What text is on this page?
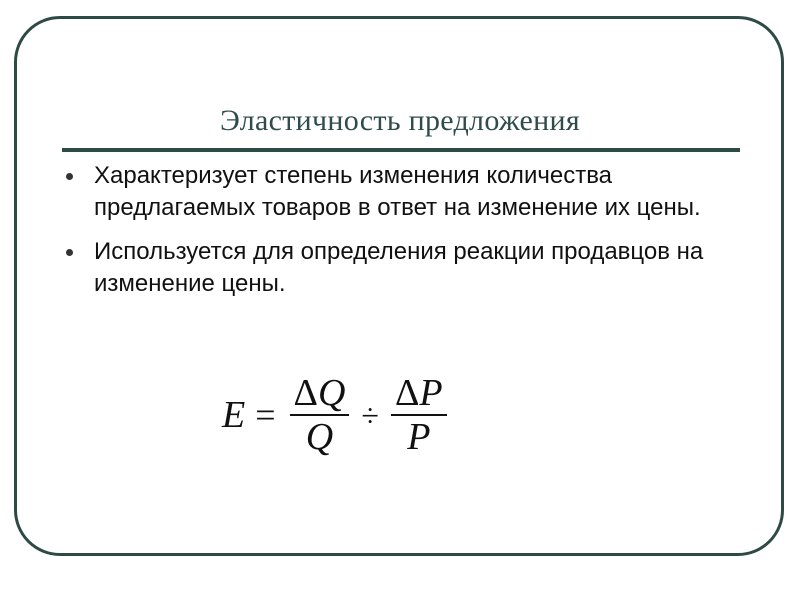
Эластичность предложения
Характеризует степень изменения количества предлагаемых товаров в ответ на изменение их цены.
Используется для определения реакции продавцов на изменение цены.
$E = \frac{\Delta Q}{Q} \div \frac{\Delta P}{P}$
